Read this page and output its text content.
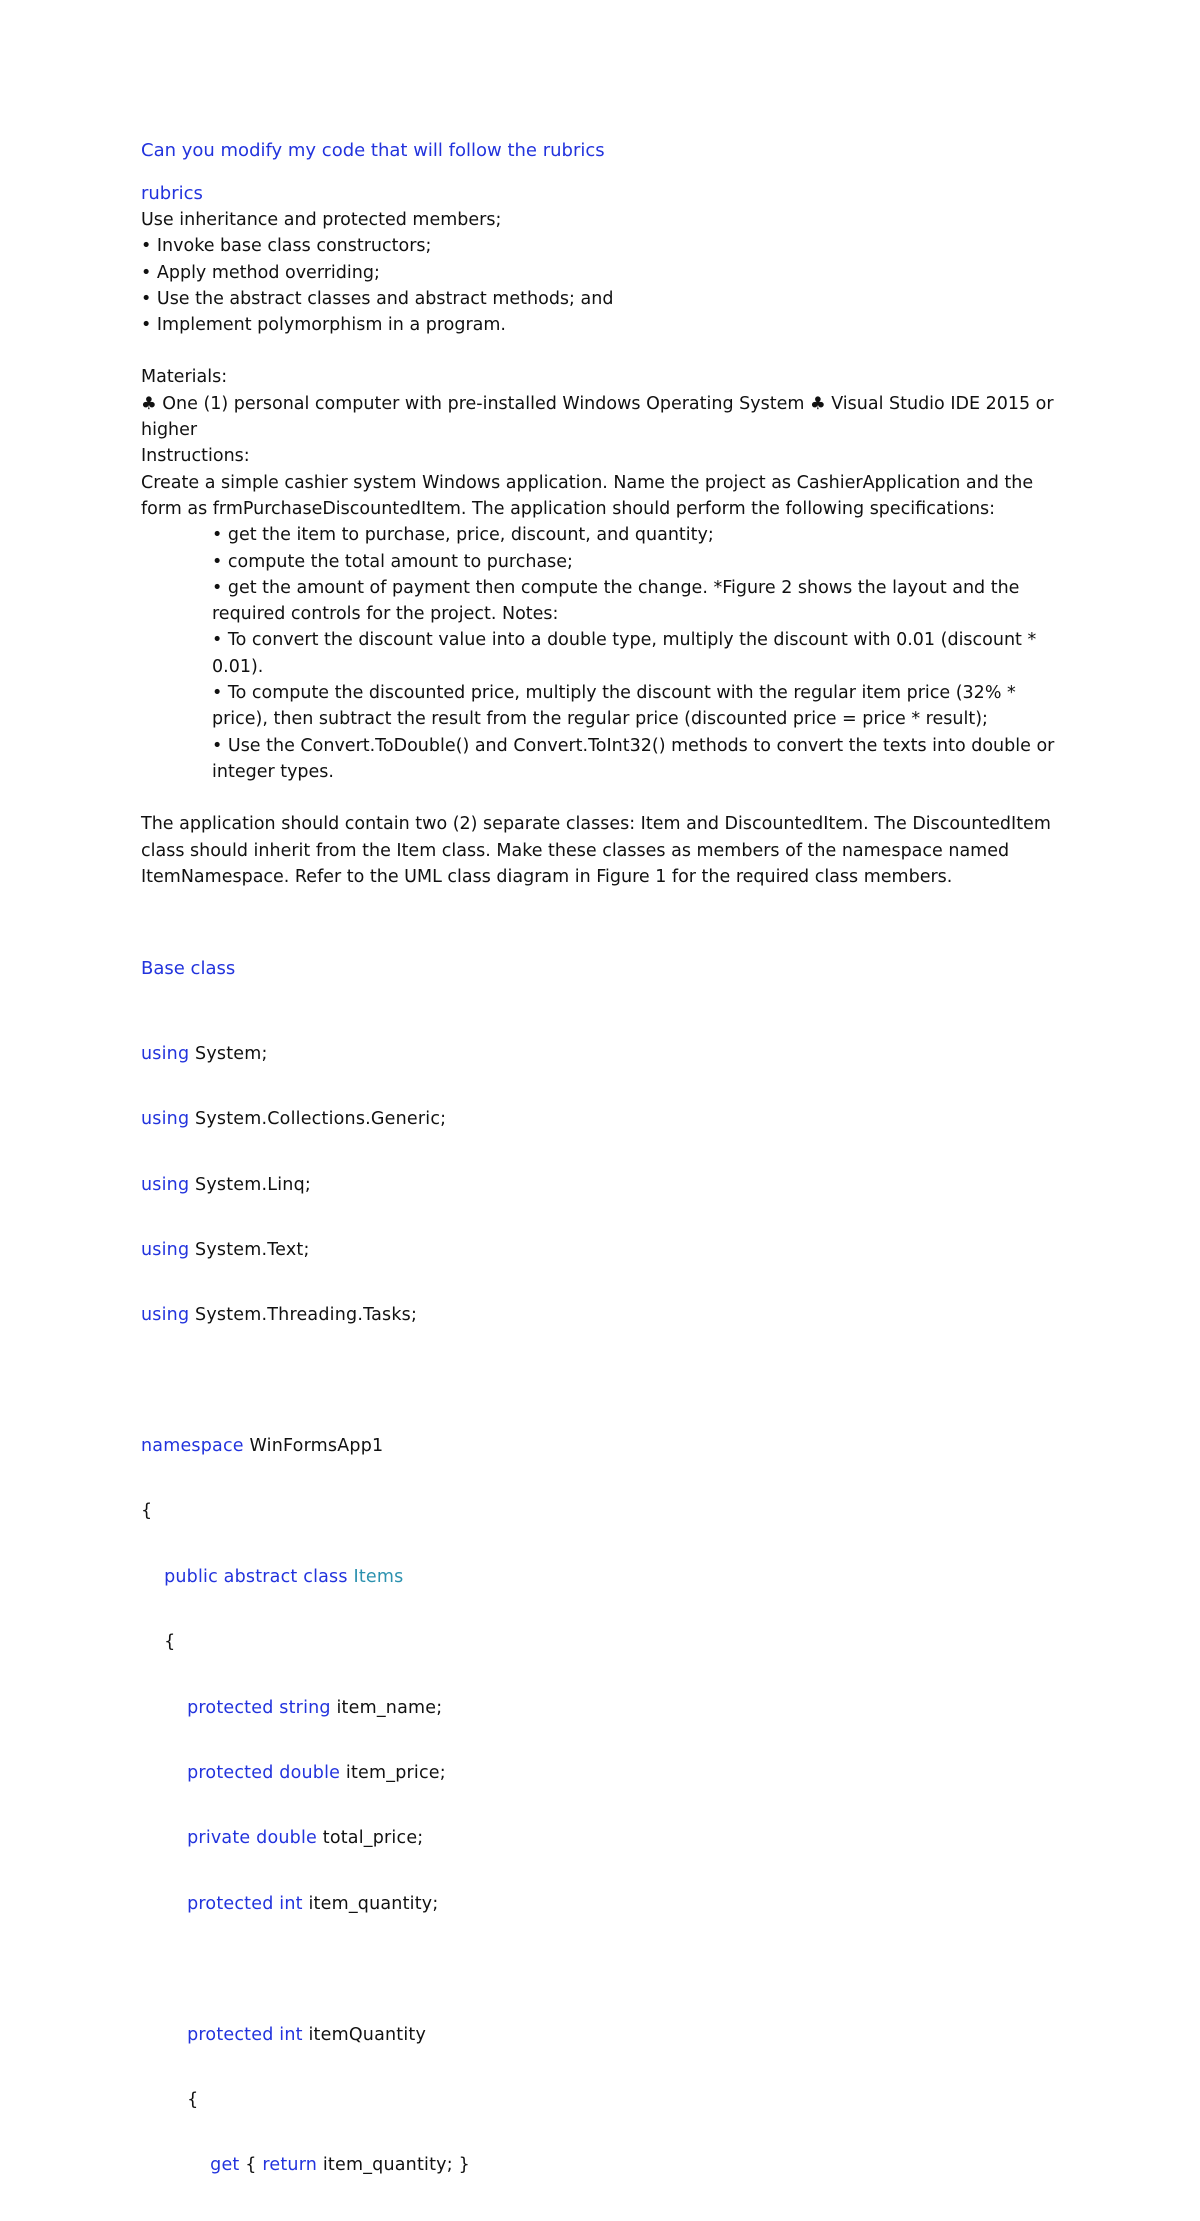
Can you modify my code that will follow the rubrics
rubrics

Use inheritance and protected members;

• Invoke base class constructors;

• Apply method overriding;

• Use the abstract classes and abstract methods; and

• Implement polymorphism in a program.

Materials:

♣ One (1) personal computer with pre-installed Windows Operating System ♣ Visual Studio IDE 2015 or higher

Instructions:

Create a simple cashier system Windows application. Name the project as CashierApplication and the form as frmPurchaseDiscountedItem. The application should perform the following specifications:

• get the item to purchase, price, discount, and quantity;

• compute the total amount to purchase;

• get the amount of payment then compute the change. *Figure 2 shows the layout and the required controls for the project. Notes:

• To convert the discount value into a double type, multiply the discount with 0.01 (discount * 0.01).

• To compute the discounted price, multiply the discount with the regular item price (32% * price), then subtract the result from the regular price (discounted price = price * result);

• Use the Convert.ToDouble() and Convert.ToInt32() methods to convert the texts into double or integer types.

The application should contain two (2) separate classes: Item and DiscountedItem. The DiscountedItem class should inherit from the Item class. Make these classes as members of the namespace named ItemNamespace. Refer to the UML class diagram in Figure 1 for the required class members.
Base class

using System;

using System.Collections.Generic;

using System.Linq;

using System.Text;

using System.Threading.Tasks;

namespace WinFormsApp1

{

public abstract class Items

{

protected string item_name;

protected double item_price;

private double total_price;

protected int item_quantity;

protected int itemQuantity

{

get { return item_quantity; }
